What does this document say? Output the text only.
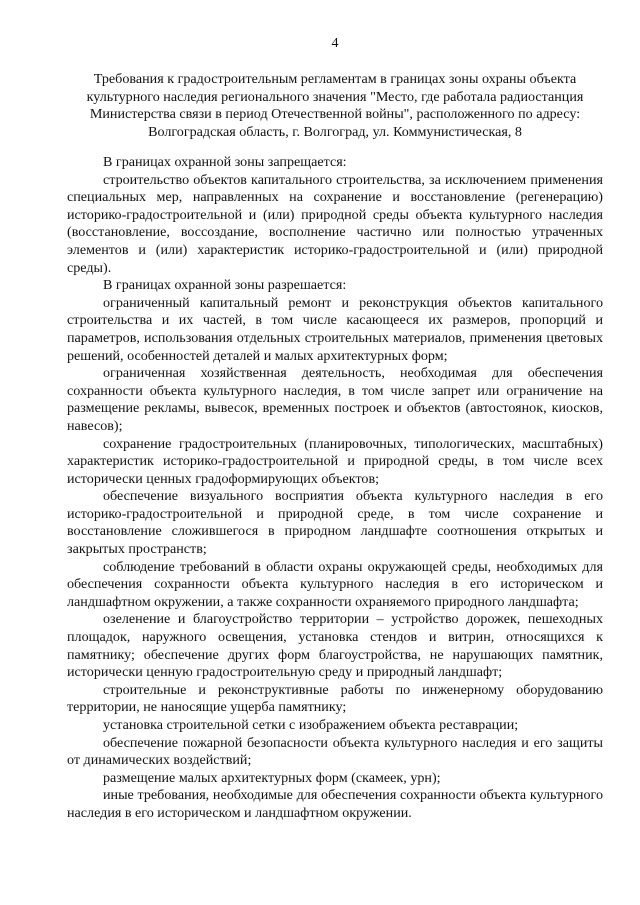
4
Требования к градостроительным регламентам в границах зоны охраны объекта культурного наследия регионального значения "Место, где работала радиостанция Министерства связи в период Отечественной войны", расположенного по адресу: Волгоградская область, г. Волгоград, ул. Коммунистическая, 8

В границах охранной зоны запрещается:

строительство объектов капитального строительства, за исключением применения специальных мер, направленных на сохранение и восстановление (регенерацию) историко-градостроительной и (или) природной среды объекта культурного наследия (восстановление, воссоздание, восполнение частично или полностью утраченных элементов и (или) характеристик историко-градостроительной и (или) природной среды).

В границах охранной зоны разрешается:

ограниченный капитальный ремонт и реконструкция объектов капитального строительства и их частей, в том числе касающееся их размеров, пропорций и параметров, использования отдельных строительных материалов, применения цветовых решений, особенностей деталей и малых архитектурных форм;

ограниченная хозяйственная деятельность, необходимая для обеспечения сохранности объекта культурного наследия, в том числе запрет или ограничение на размещение рекламы, вывесок, временных построек и объектов (автостоянок, киосков, навесов);

сохранение градостроительных (планировочных, типологических, масштабных) характеристик историко-градостроительной и природной среды, в том числе всех исторически ценных градоформирующих объектов;

обеспечение визуального восприятия объекта культурного наследия в его историко-градостроительной и природной среде, в том числе сохранение и восстановление сложившегося в природном ландшафте соотношения открытых и закрытых пространств;

соблюдение требований в области охраны окружающей среды, необходимых для обеспечения сохранности объекта культурного наследия в его историческом и ландшафтном окружении, а также сохранности охраняемого природного ландшафта;

озеленение и благоустройство территории – устройство дорожек, пешеходных площадок, наружного освещения, установка стендов и витрин, относящихся к памятнику; обеспечение других форм благоустройства, не нарушающих памятник, исторически ценную градостроительную среду и природный ландшафт;

строительные и реконструктивные работы по инженерному оборудованию территории, не наносящие ущерба памятнику;

установка строительной сетки с изображением объекта реставрации;

обеспечение пожарной безопасности объекта культурного наследия и его защиты от динамических воздействий;

размещение малых архитектурных форм (скамеек, урн);

иные требования, необходимые для обеспечения сохранности объекта культурного наследия в его историческом и ландшафтном окружении.
